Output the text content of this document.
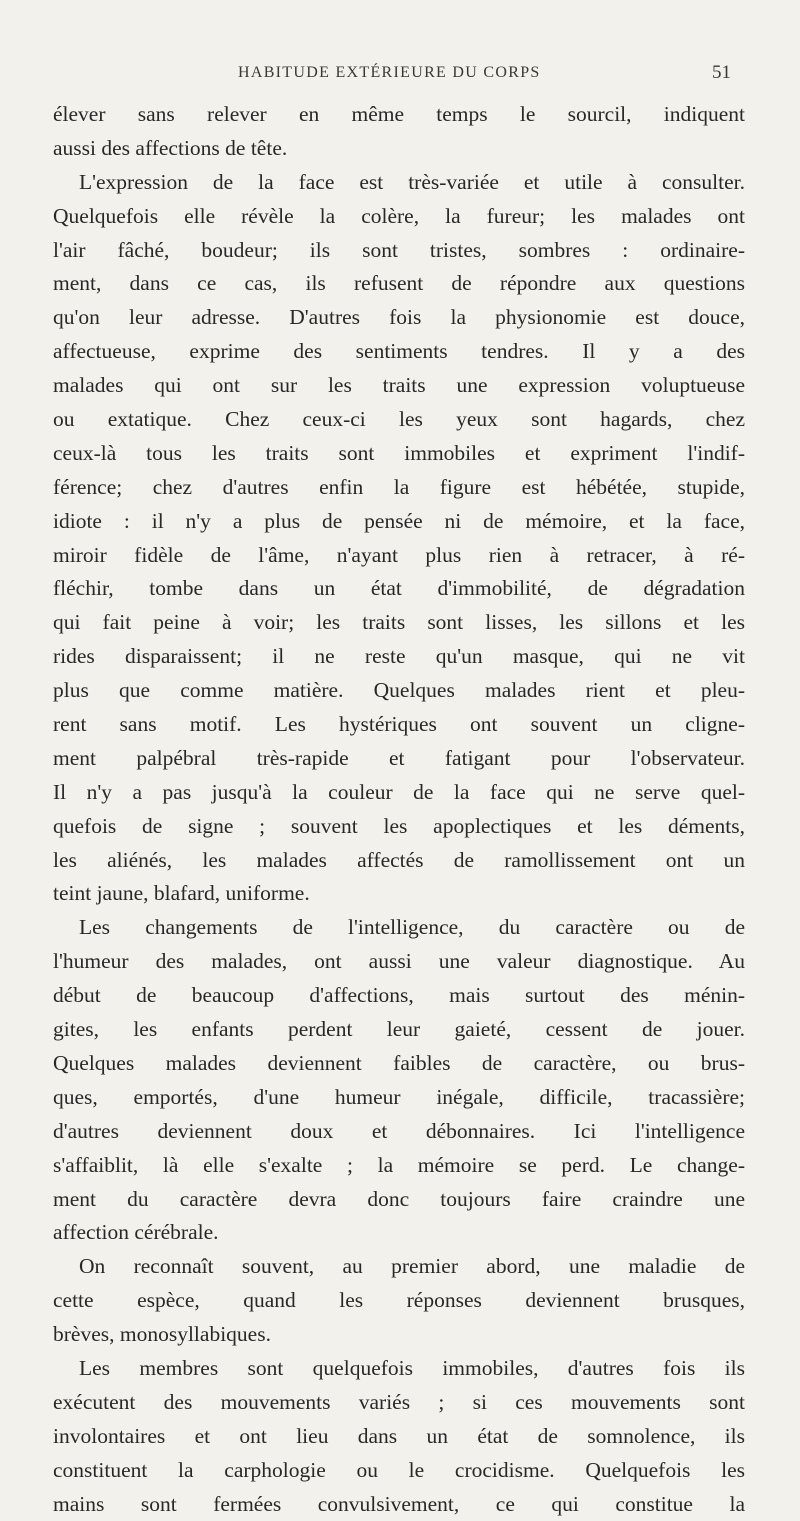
HABITUDE EXTÉRIEURE DU CORPS	51
élever sans relever en même temps le sourcil, indiquent
aussi des affections de tête.
L'expression de la face est très-variée et utile à consulter.
Quelquefois elle révèle la colère, la fureur; les malades ont
l'air fâché, boudeur; ils sont tristes, sombres : ordinaire-
ment, dans ce cas, ils refusent de répondre aux questions
qu'on leur adresse. D'autres fois la physionomie est douce,
affectueuse, exprime des sentiments tendres. Il y a des
malades qui ont sur les traits une expression voluptueuse
ou extatique. Chez ceux-ci les yeux sont hagards, chez
ceux-là tous les traits sont immobiles et expriment l'indif-
férence; chez d'autres enfin la figure est hébétée, stupide,
idiote : il n'y a plus de pensée ni de mémoire, et la face,
miroir fidèle de l'âme, n'ayant plus rien à retracer, à ré-
fléchir, tombe dans un état d'immobilité, de dégradation
qui fait peine à voir; les traits sont lisses, les sillons et les
rides disparaissent; il ne reste qu'un masque, qui ne vit
plus que comme matière. Quelques malades rient et pleu-
rent sans motif. Les hystériques ont souvent un cligne-
ment palpébral très-rapide et fatigant pour l'observateur.
Il n'y a pas jusqu'à la couleur de la face qui ne serve quel-
quefois de signe ; souvent les apoplectiques et les déments,
les aliénés, les malades affectés de ramollissement ont un
teint jaune, blafard, uniforme.
Les changements de l'intelligence, du caractère ou de
l'humeur des malades, ont aussi une valeur diagnostique. Au
début de beaucoup d'affections, mais surtout des ménin-
gites, les enfants perdent leur gaieté, cessent de jouer.
Quelques malades deviennent faibles de caractère, ou brus-
ques, emportés, d'une humeur inégale, difficile, tracassière;
d'autres deviennent doux et débonnaires. Ici l'intelligence
s'affaiblit, là elle s'exalte ; la mémoire se perd. Le change-
ment du caractère devra donc toujours faire craindre une
affection cérébrale.
On reconnaît souvent, au premier abord, une maladie de
cette espèce, quand les réponses deviennent brusques,
brèves, monosyllabiques.
Les membres sont quelquefois immobiles, d'autres fois ils
exécutent des mouvements variés ; si ces mouvements sont
involontaires et ont lieu dans un état de somnolence, ils
constituent la carphologie ou le crocidisme. Quelquefois les
mains sont fermées convulsivement, ce qui constitue la
